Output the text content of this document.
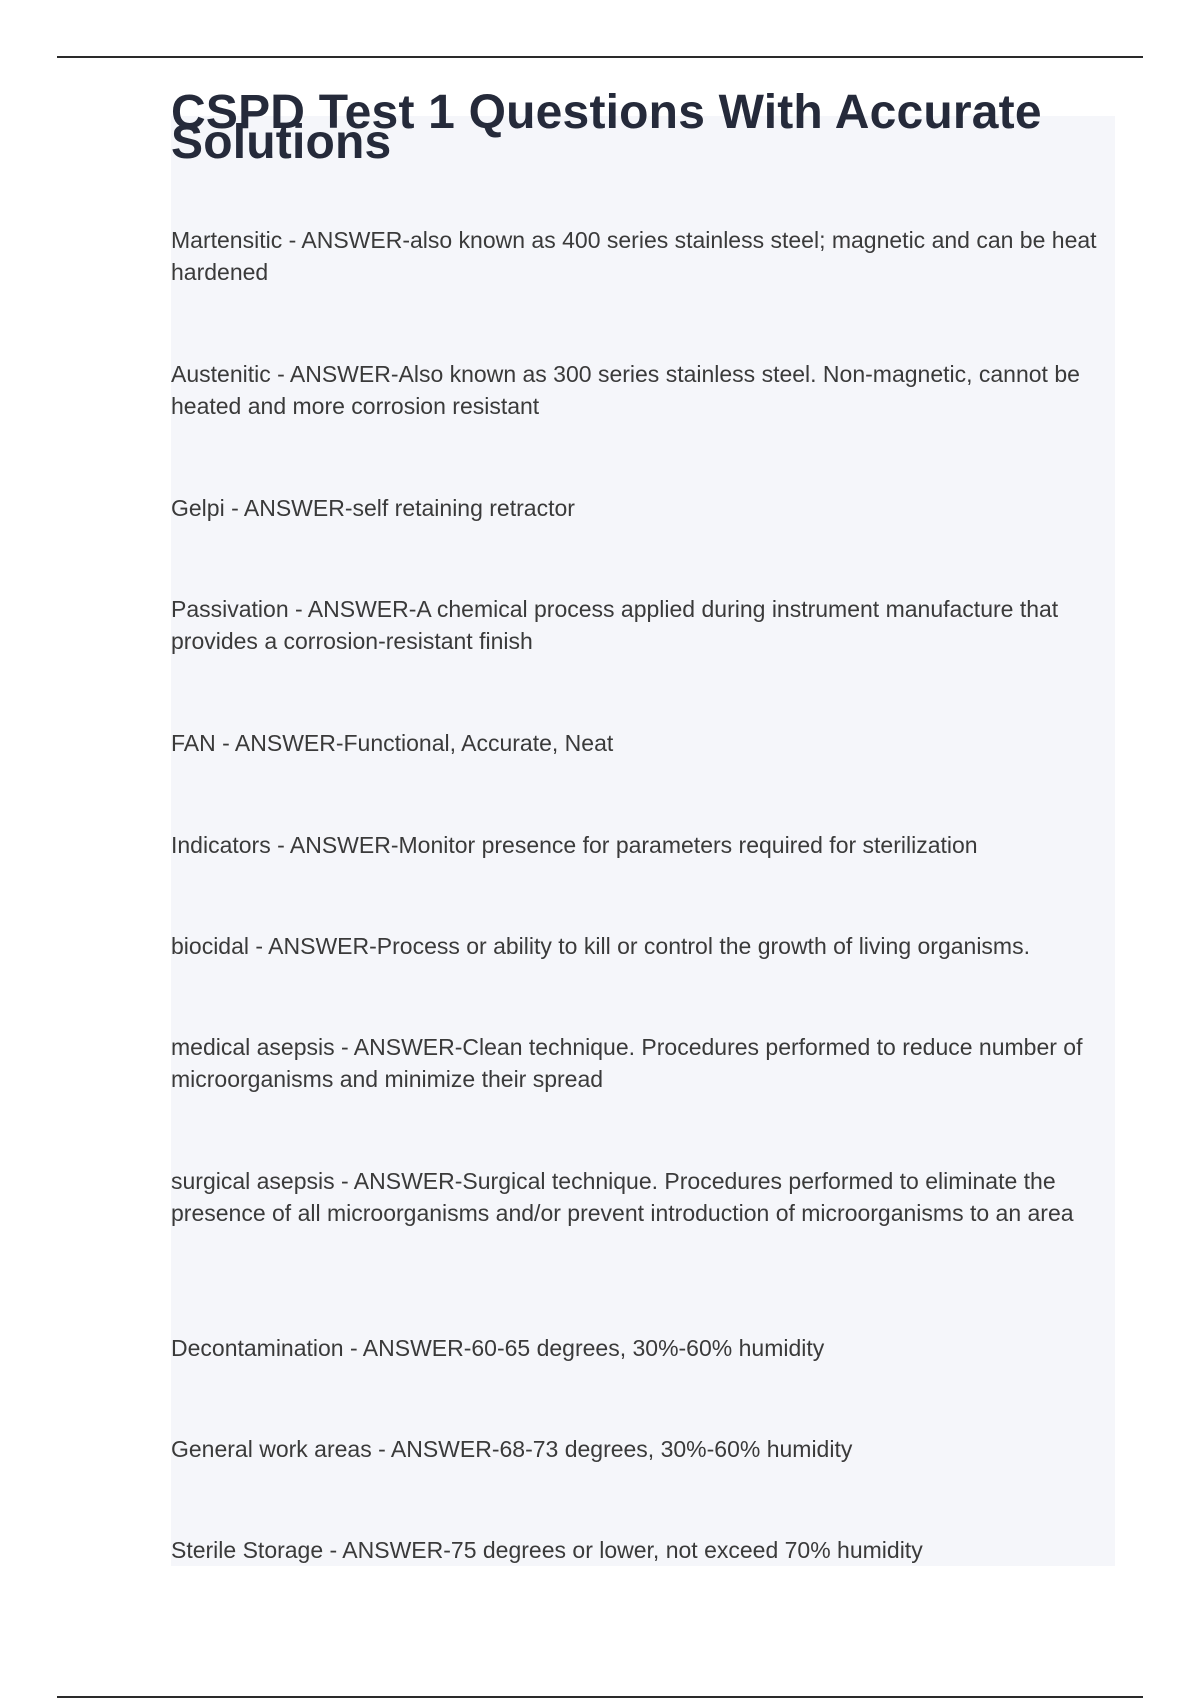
CSPD Test 1 Questions With Accurate Solutions

Martensitic - ANSWER-also known as 400 series stainless steel; magnetic and can be heat hardened

Austenitic - ANSWER-Also known as 300 series stainless steel. Non-magnetic, cannot be heated and more corrosion resistant

Gelpi - ANSWER-self retaining retractor

Passivation - ANSWER-A chemical process applied during instrument manufacture that provides a corrosion-resistant finish

FAN - ANSWER-Functional, Accurate, Neat

Indicators - ANSWER-Monitor presence for parameters required for sterilization

biocidal - ANSWER-Process or ability to kill or control the growth of living organisms.

medical asepsis - ANSWER-Clean technique. Procedures performed to reduce number of microorganisms and minimize their spread

surgical asepsis - ANSWER-Surgical technique. Procedures performed to eliminate the presence of all microorganisms and/or prevent introduction of microorganisms to an area

Decontamination - ANSWER-60-65 degrees, 30%-60% humidity

General work areas - ANSWER-68-73 degrees, 30%-60% humidity

Sterile Storage - ANSWER-75 degrees or lower, not exceed 70% humidity
